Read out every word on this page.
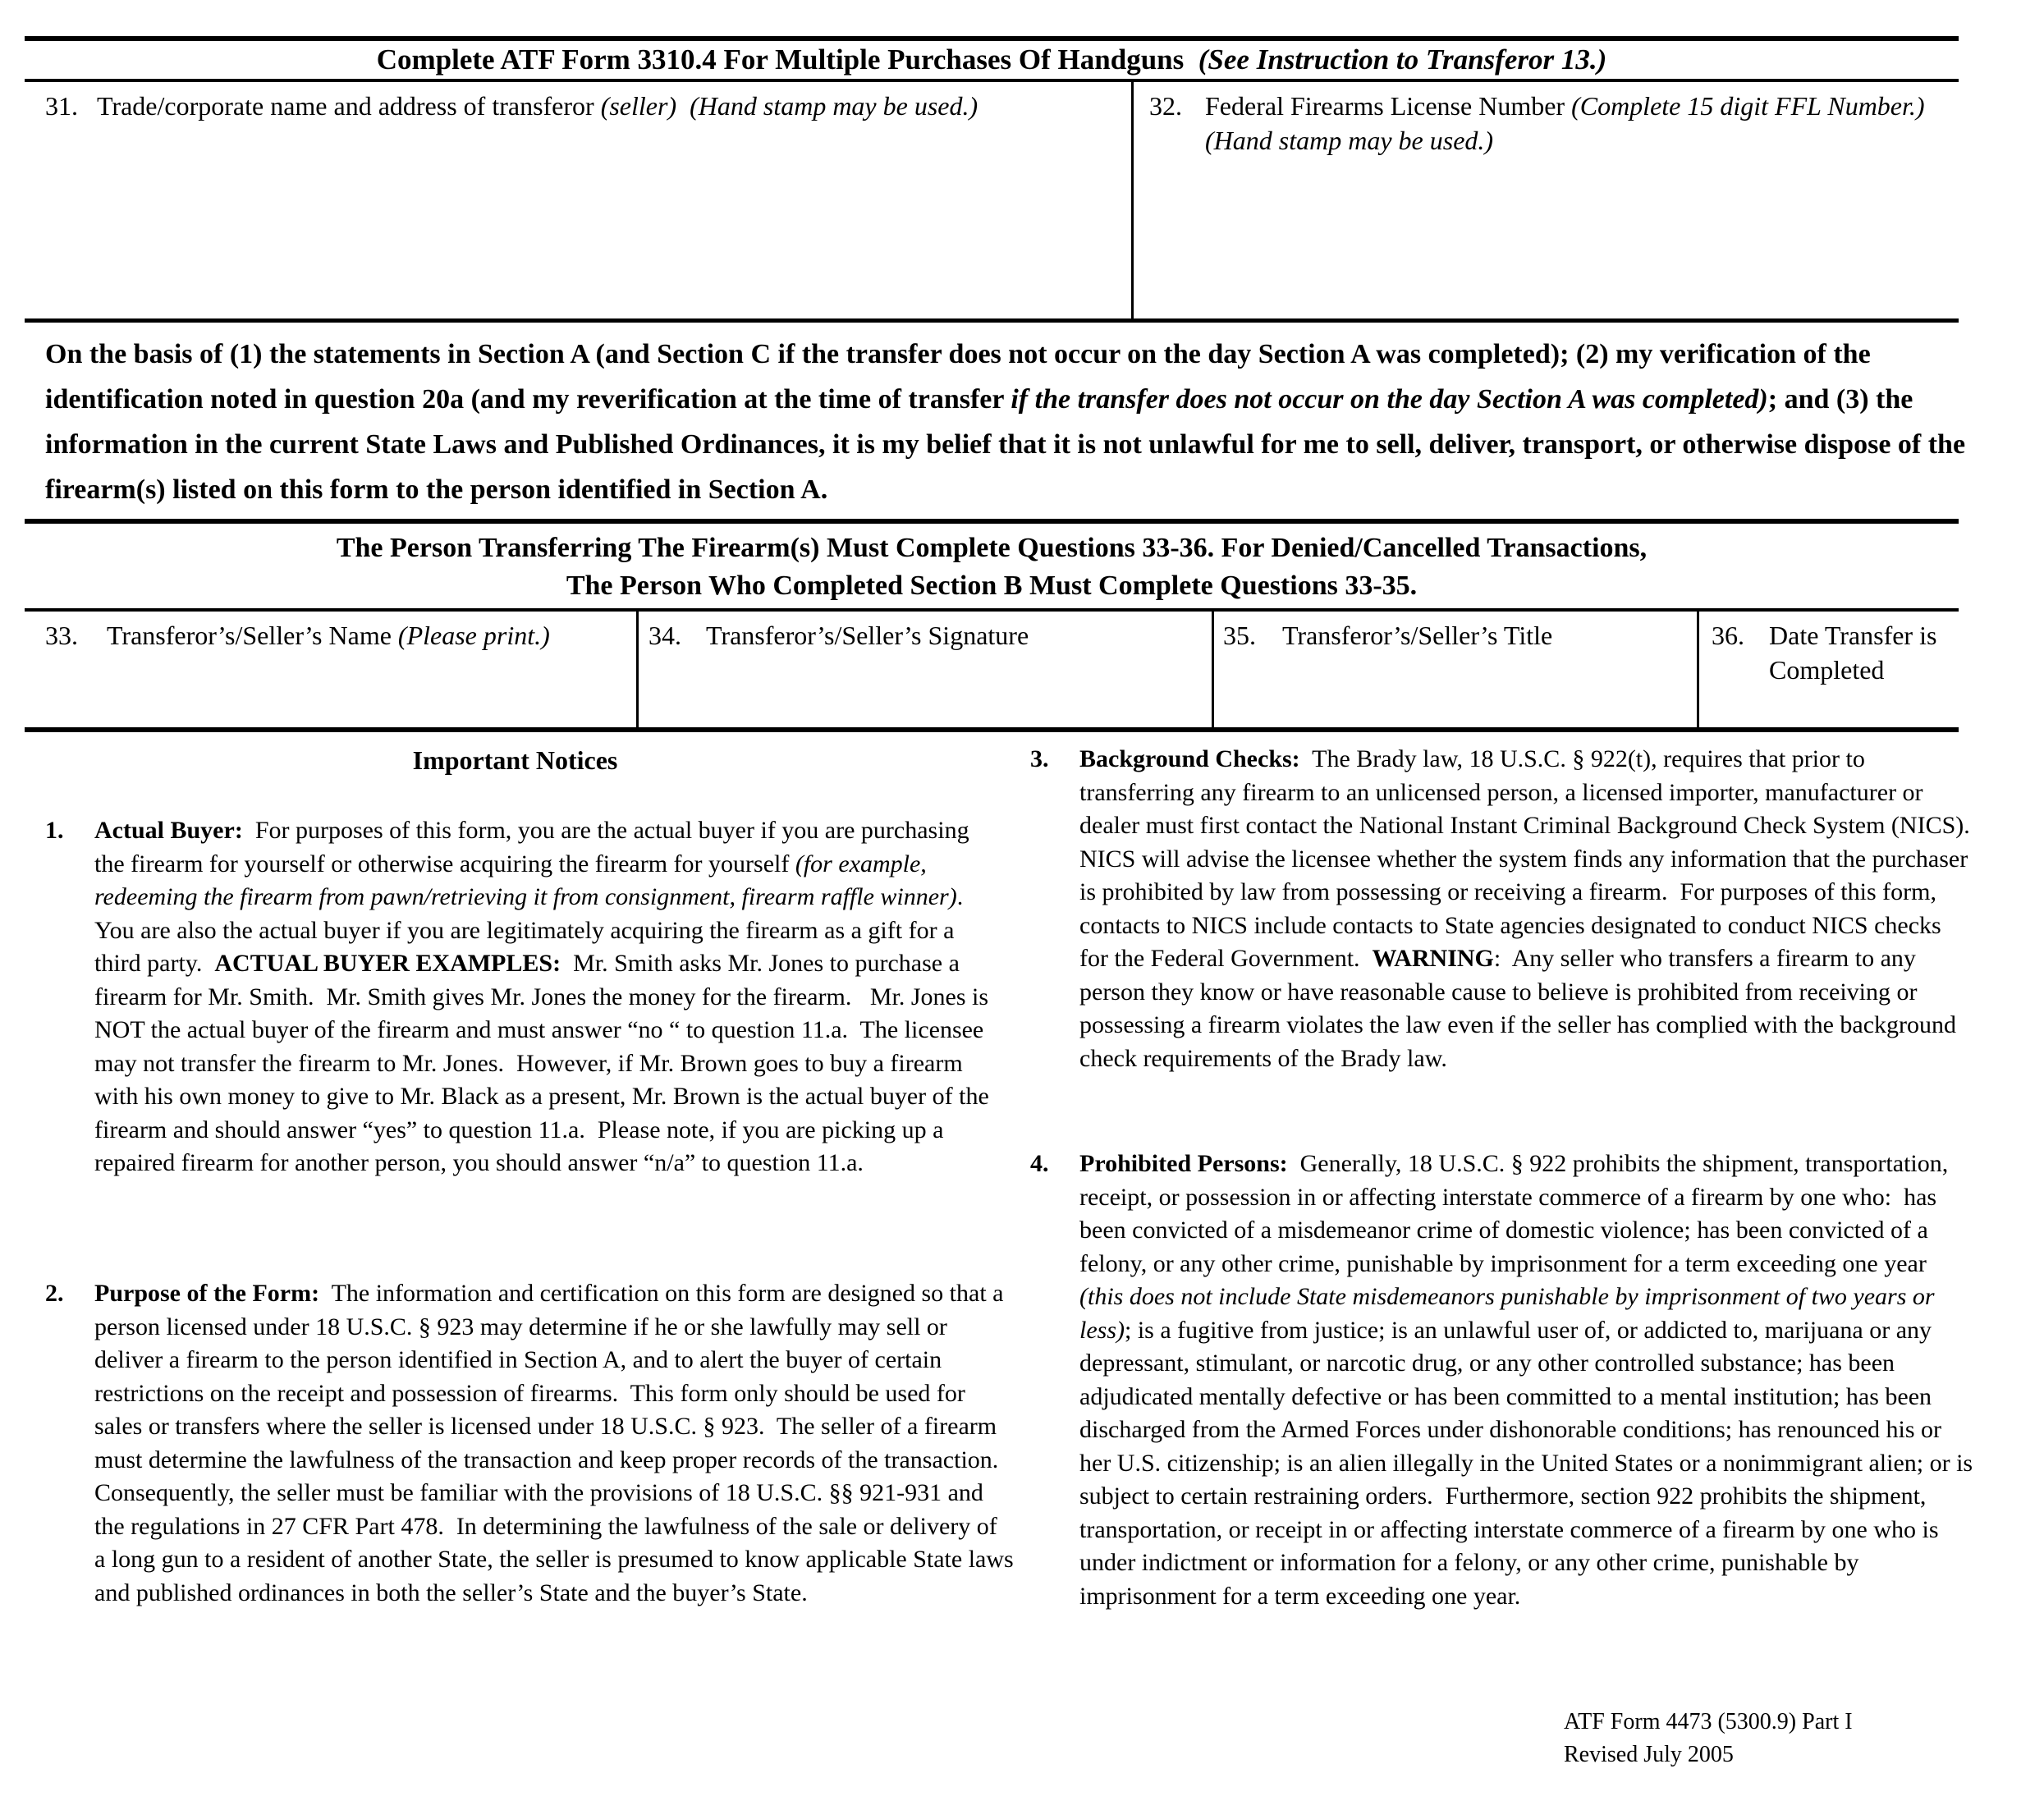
Complete ATF Form 3310.4 For Multiple Purchases Of Handguns  (See Instruction to Transferor 13.)
31. Trade/corporate name and address of transferor (seller) (Hand stamp may be used.)	32. Federal Firearms License Number (Complete 15 digit FFL Number.)  (Hand stamp may be used.)
On the basis of (1) the statements in Section A (and Section C if the transfer does not occur on the day Section A was completed); (2) my verification of the identification noted in question 20a (and my reverification at the time of transfer if the transfer does not occur on the day Section A was completed); and (3) the information in the current State Laws and Published Ordinances, it is my belief that it is not unlawful for me to sell, deliver, transport, or otherwise dispose of the firearm(s) listed on this form to the person identified in Section A.
The Person Transferring The Firearm(s) Must Complete Questions 33-36. For Denied/Cancelled Transactions,
The Person Who Completed Section B Must Complete Questions 33-35.
33. Transferor’s/Seller’s Name (Please print.)	34. Transferor’s/Seller’s Signature	35. Transferor’s/Seller’s Title	36. Date Transfer is Completed
Important Notices
1. Actual Buyer:  For purposes of this form, you are the actual buyer if you are purchasing the firearm for yourself or otherwise acquiring the firearm for yourself (for example, redeeming the firearm from pawn/retrieving it from consignment, firearm raffle winner).  You are also the actual buyer if you are legitimately acquiring the firearm as a gift for a third party.  ACTUAL BUYER EXAMPLES:  Mr. Smith asks Mr. Jones to purchase a firearm for Mr. Smith.  Mr. Smith gives Mr. Jones the money for the firearm.   Mr. Jones is NOT the actual buyer of the firearm and must answer “no “ to question 11.a.  The licensee may not transfer the firearm to Mr. Jones.  However, if Mr. Brown goes to buy a firearm with his own money to give to Mr. Black as a present, Mr. Brown is the actual buyer of the firearm and should answer “yes” to question 11.a.  Please note, if you are picking up a repaired firearm for another person, you should answer “n/a” to question 11.a.
2. Purpose of the Form:  The information and certification on this form are designed so that a person licensed under 18 U.S.C. § 923 may determine if he or she lawfully may sell or deliver a firearm to the person identified in Section A, and to alert the buyer of certain restrictions on the receipt and possession of firearms.  This form only should be used for sales or transfers where the seller is licensed under 18 U.S.C. § 923.  The seller of a firearm must determine the lawfulness of the transaction and keep proper records of the transaction.  Consequently, the seller must be familiar with the provisions of 18 U.S.C. §§ 921-931 and the regulations in 27 CFR Part 478.  In determining the lawfulness of the sale or delivery of a long gun to a resident of another State, the seller is presumed to know applicable State laws and published ordinances in both the seller’s State and the buyer’s State.
3. Background Checks:  The Brady law, 18 U.S.C. § 922(t), requires that prior to transferring any firearm to an unlicensed person, a licensed importer, manufacturer or dealer must first contact the National Instant Criminal Background Check System (NICS).  NICS will advise the licensee whether the system finds any information that the purchaser is prohibited by law from possessing or receiving a firearm.  For purposes of this form, contacts to NICS include contacts to State agencies designated to conduct NICS checks for the Federal Government.  WARNING:  Any seller who transfers a firearm to any person they know or have reasonable cause to believe is prohibited from receiving or possessing a firearm violates the law even if the seller has complied with the background check requirements of the Brady law.
4. Prohibited Persons:  Generally, 18 U.S.C. § 922 prohibits the shipment, transportation, receipt, or possession in or affecting interstate commerce of a firearm by one who:  has been convicted of a misdemeanor crime of domestic violence; has been convicted of a felony, or any other crime, punishable by imprisonment for a term exceeding one year (this does not include State misdemeanors punishable by imprisonment of two years or less); is a fugitive from justice; is an unlawful user of, or addicted to, marijuana or any depressant, stimulant, or narcotic drug, or any other controlled substance; has been adjudicated mentally defective or has been committed to a mental institution; has been discharged from the Armed Forces under dishonorable conditions; has renounced his or her U.S. citizenship; is an alien illegally in the United States or a nonimmigrant alien; or is subject to certain restraining orders.  Furthermore, section 922 prohibits the shipment, transportation, or receipt in or affecting interstate commerce of a firearm by one who is under indictment or information for a felony, or any other crime, punishable by imprisonment for a term exceeding one year.
ATF Form 4473 (5300.9) Part I
Revised July 2005
